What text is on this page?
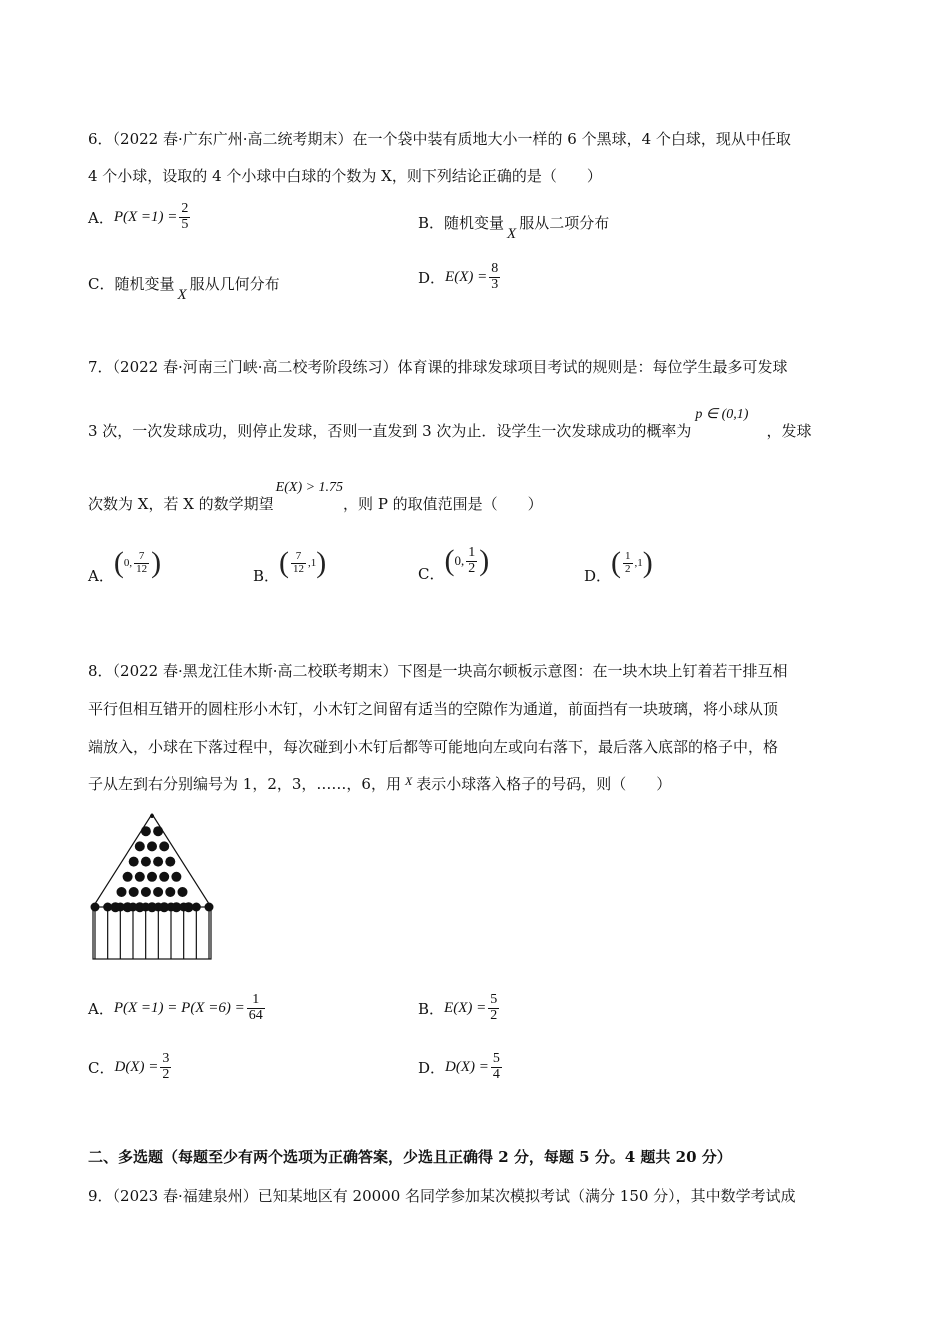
6．（2022 春·广东广州·高二统考期末）在一个袋中装有质地大小一样的 6 个黑球，4 个白球，现从中任取
4 个小球，设取的 4 个小球中白球的个数为 X，则下列结论正确的是（　　）
A． $P(X =1) = \frac{2}{5}$	B． 随机变量
X
服从二项分布
C． 随机变量
X
服从几何分布	D． $E(X) = \frac{8}{3}$
7．（2022 春·河南三门峡·高二校考阶段练习）体育课的排球发球项目考试的规则是：每位学生最多可发球
3 次，一次发球成功，则停止发球，否则一直发到 3 次为止．设学生一次发球成功的概率为p ∈ (0,1)，发球
次数为 X，若 X 的数学期望E(X) > 1.75，则 P 的取值范围是（　　）
A． ( 0, $\frac{7}{12}$ )	B． ( $\frac{7}{12} ,1$ )	C． ( 0, $\frac{1}{2}$ )	D． ( $\frac{1}{2} ,1$ )
8．（2022 春·黑龙江佳木斯·高二校联考期末）下图是一块高尔顿板示意图：在一块木块上钉着若干排互相
平行但相互错开的圆柱形小木钉，小木钉之间留有适当的空隙作为通道，前面挡有一块玻璃，将小球从顶
端放入，小球在下落过程中，每次碰到小木钉后都等可能地向左或向右落下，最后落入底部的格子中，格
子从左到右分别编号为 1，2，3，……，6，用 X 表示小球落入格子的号码，则（　　）
A． $P(X =1) = P(X =6) = \frac{1}{64}$	B． $E(X) = \frac{5}{2}$
C． $D(X) = \frac{3}{2}$	D． $D(X) = \frac{5}{4}$
二、多选题（每题至少有两个选项为正确答案，少选且正确得 2 分，每题 5 分。4 题共 20 分）
9．（2023 春·福建泉州）已知某地区有 20000 名同学参加某次模拟考试（满分 150 分），其中数学考试成
